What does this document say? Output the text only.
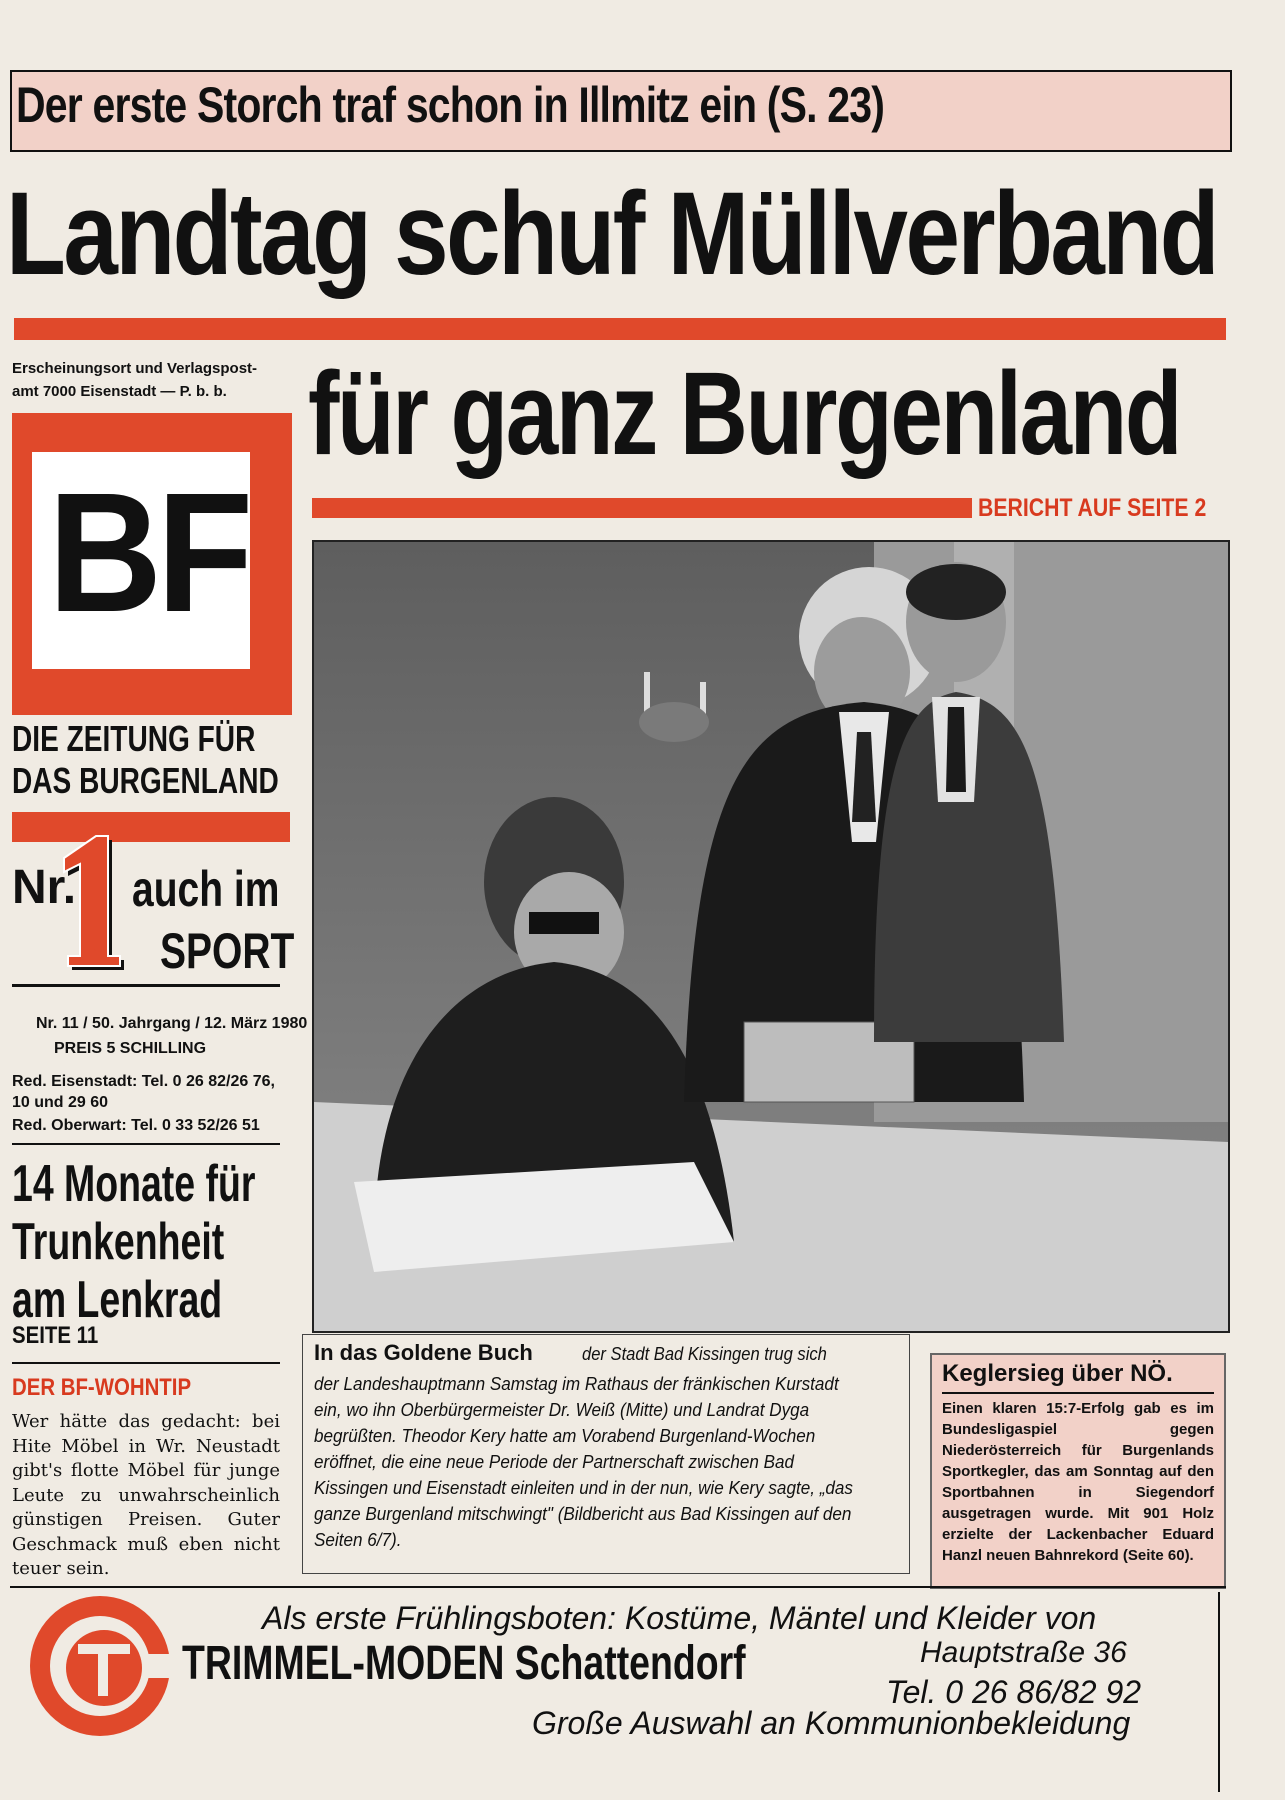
Der erste Storch traf schon in Illmitz ein (S. 23)
Landtag schuf Müllverband
für ganz Burgenland
BERICHT AUF SEITE 2
Erscheinungsort und Verlagspost-
amt 7000 Eisenstadt — P. b. b.
BF
DIE ZEITUNG FÜR
DAS BURGENLAND
Nr.
1
auch im
SPORT
Nr. 11 / 50. Jahrgang / 12. März 1980
PREIS 5 SCHILLING
Red. Eisenstadt: Tel. 0 26 82/26 76,
10 und 29 60
Red. Oberwart: Tel. 0 33 52/26 51
14 Monate für
Trunkenheit
am Lenkrad
SEITE 11
DER BF-WOHNTIP
Wer hätte das gedacht: bei Hite Möbel in Wr. Neustadt gibt's flotte Möbel für junge Leute zu unwahrscheinlich günstigen Preisen. Guter Geschmack muß eben nicht teuer sein.
In das Goldene Buch	der Stadt Bad Kissingen trug sich
der Landeshauptmann Samstag im Rathaus der fränkischen Kurstadt ein, wo ihn Oberbürgermeister Dr. Weiß (Mitte) und Landrat Dyga begrüßten. Theodor Kery hatte am Vorabend Burgenland-Wochen eröffnet, die eine neue Periode der Partnerschaft zwischen Bad Kissingen und Eisenstadt einleiten und in der nun, wie Kery sagte, „das ganze Burgenland mitschwingt" (Bildbericht aus Bad Kissingen auf den Seiten 6/7).
Keglersieg über NÖ.
Einen klaren 15:7-Erfolg gab es im Bundesligaspiel gegen Niederösterreich für Burgenlands Sportkegler, das am Sonntag auf den Sportbahnen in Siegendorf ausgetragen wurde. Mit 901 Holz erzielte der Lackenbacher Eduard Hanzl neuen Bahnrekord (Seite 60).
T
Als erste Frühlingsboten: Kostüme, Mäntel und Kleider von
TRIMMEL-MODEN Schattendorf	Hauptstraße 36
Tel. 0 26 86/82 92
Große Auswahl an Kommunionbekleidung
